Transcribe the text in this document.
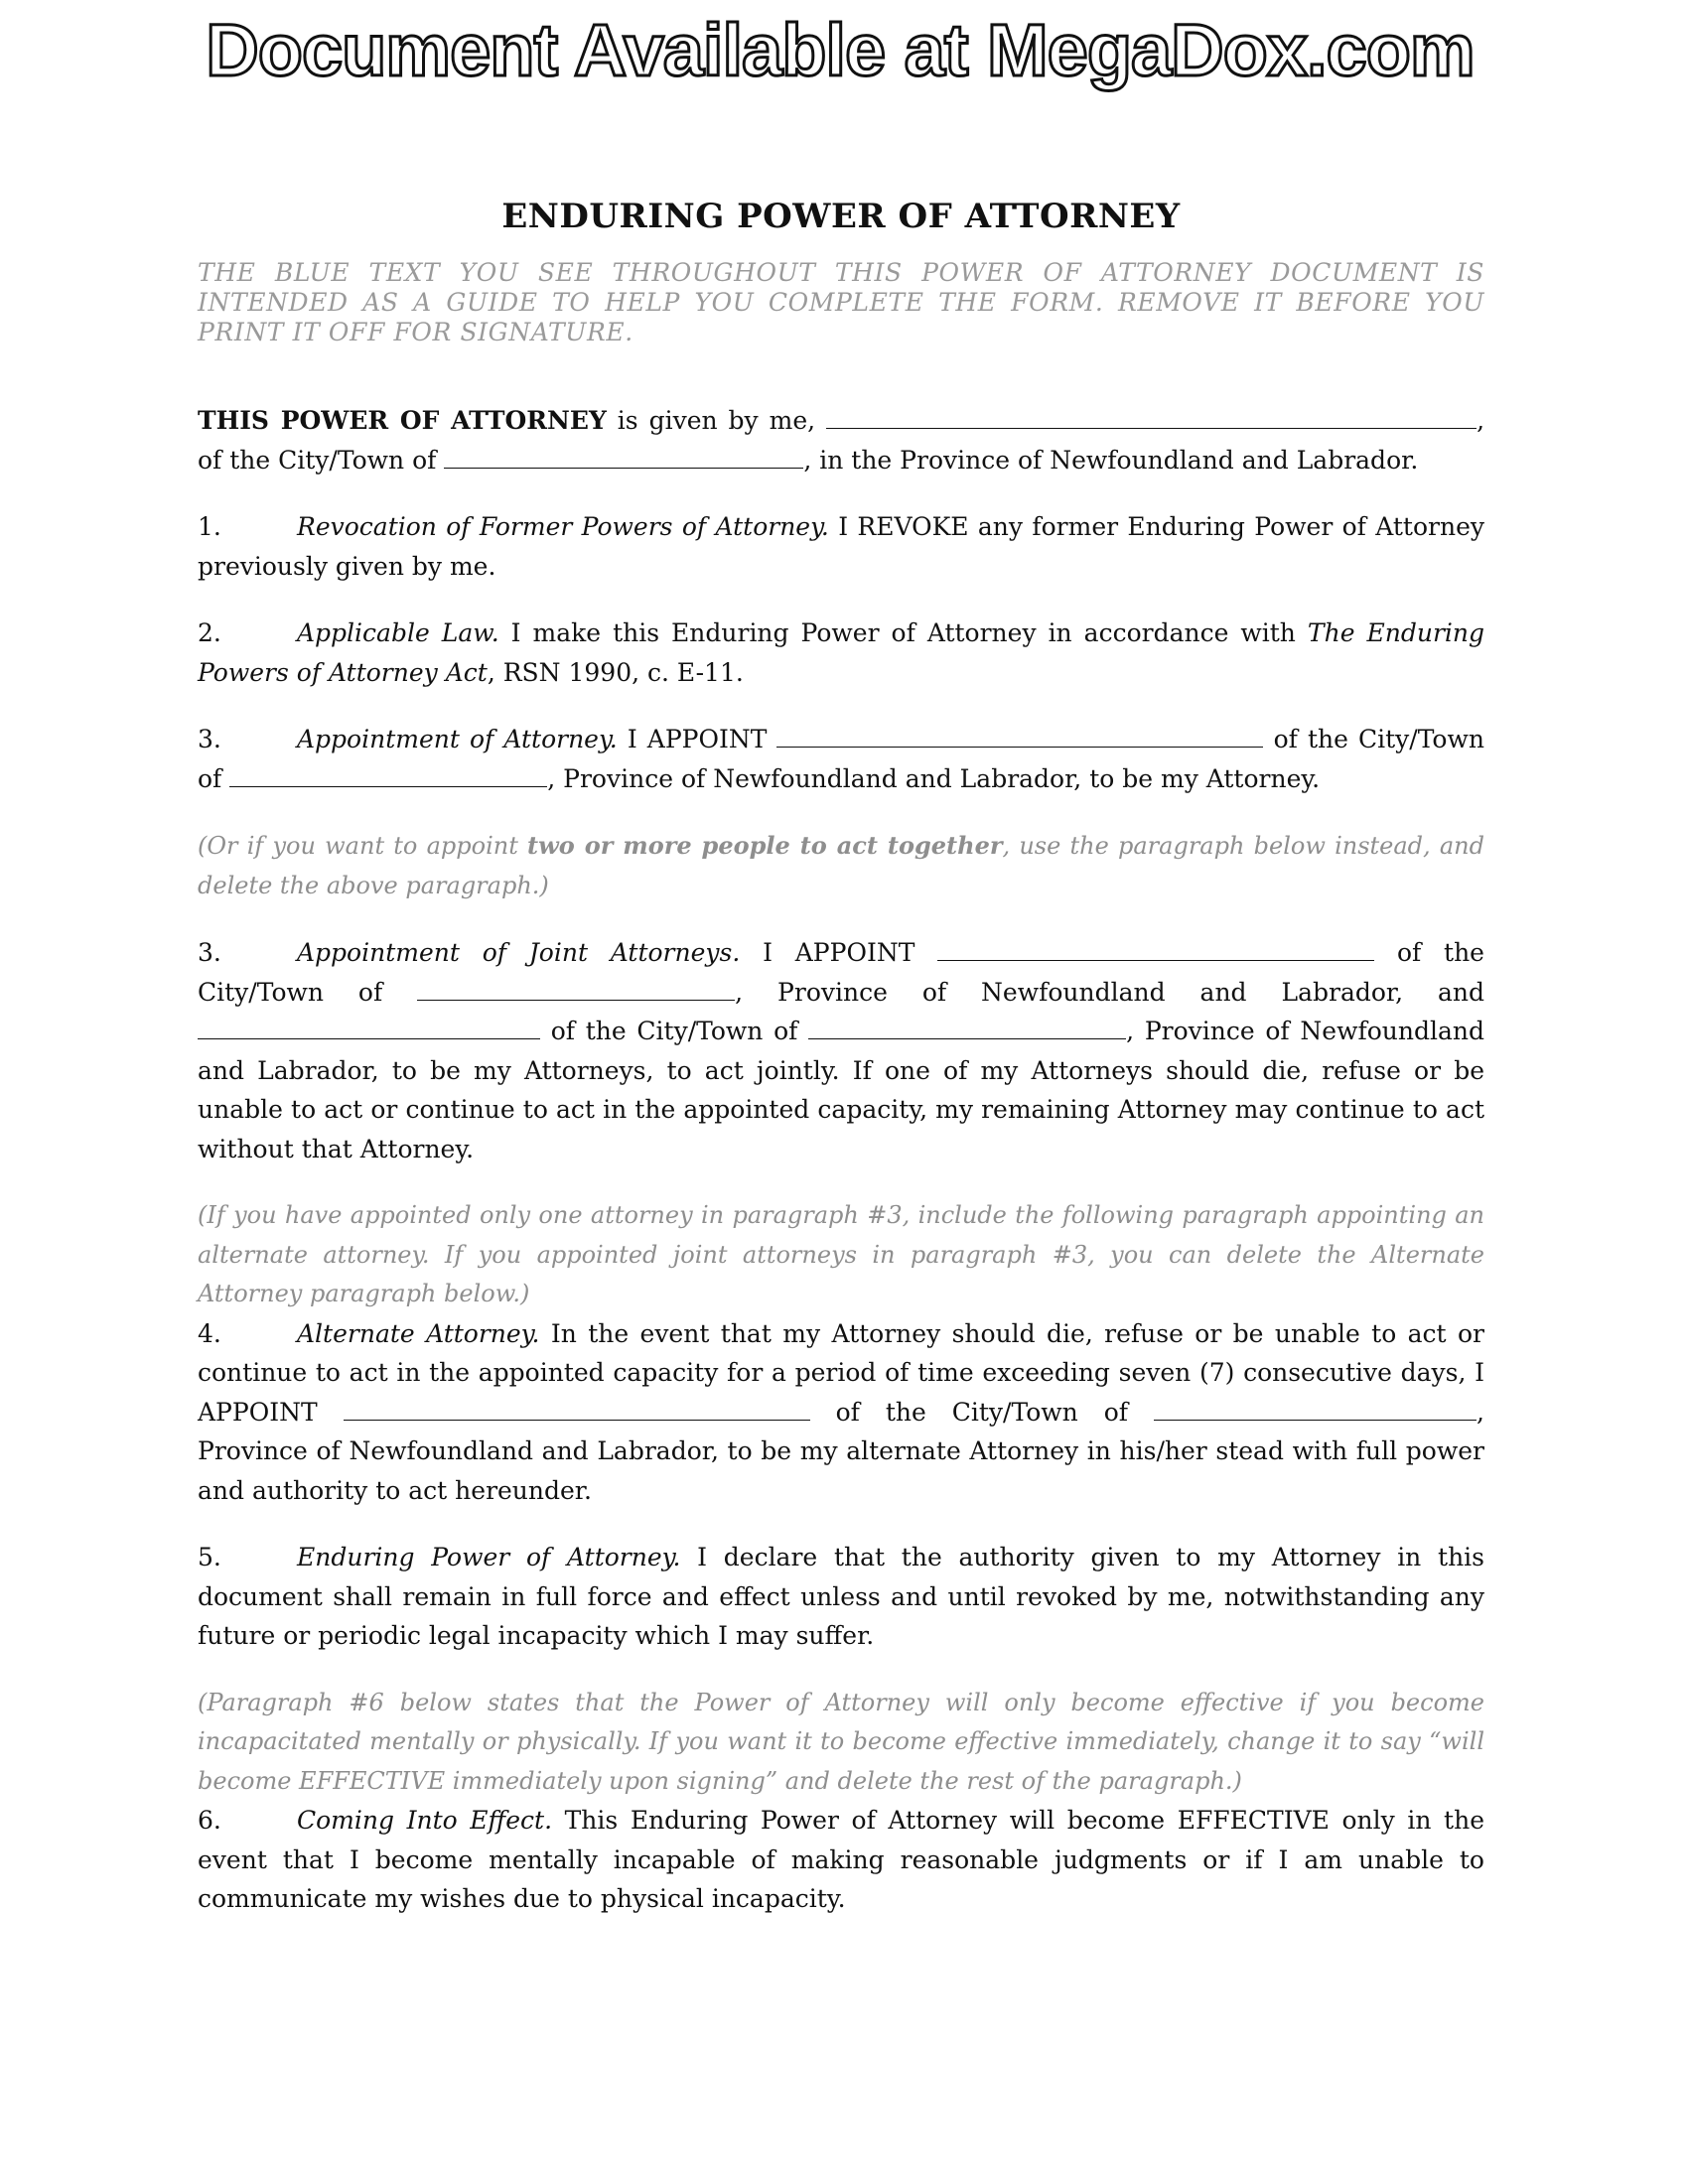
Document Available at MegaDox.com
ENDURING POWER OF ATTORNEY
THE BLUE TEXT YOU SEE THROUGHOUT THIS POWER OF ATTORNEY DOCUMENT IS INTENDED AS A GUIDE TO HELP YOU COMPLETE THE FORM. REMOVE IT BEFORE YOU PRINT IT OFF FOR SIGNATURE.

THIS POWER OF ATTORNEY is given by me,	, of the City/Town of	, in the Province of Newfoundland and Labrador.

1.	Revocation of Former Powers of Attorney. I REVOKE any former Enduring Power of Attorney previously given by me.

2.	Applicable Law. I make this Enduring Power of Attorney in accordance with The Enduring Powers of Attorney Act, RSN 1990, c. E-11.

3.	Appointment of Attorney. I APPOINT	of the City/Town of	, Province of Newfoundland and Labrador, to be my Attorney.

(Or if you want to appoint two or more people to act together, use the paragraph below instead, and delete the above paragraph.)

3.	Appointment of Joint Attorneys. I APPOINT	of the City/Town of	, Province of Newfoundland and Labrador, and  of the City/Town of	, Province of Newfoundland and Labrador, to be my Attorneys, to act jointly. If one of my Attorneys should die, refuse or be unable to act or continue to act in the appointed capacity, my remaining Attorney may continue to act without that Attorney.

(If you have appointed only one attorney in paragraph #3, include the following paragraph appointing an alternate attorney. If you appointed joint attorneys in paragraph #3, you can delete the Alternate Attorney paragraph below.)

4.	Alternate Attorney. In the event that my Attorney should die, refuse or be unable to act or continue to act in the appointed capacity for a period of time exceeding seven (7) consecutive days, I APPOINT	of the City/Town of	, Province of Newfoundland and Labrador, to be my alternate Attorney in his/her stead with full power and authority to act hereunder.

5.	Enduring Power of Attorney. I declare that the authority given to my Attorney in this document shall remain in full force and effect unless and until revoked by me, notwithstanding any future or periodic legal incapacity which I may suffer.

(Paragraph #6 below states that the Power of Attorney will only become effective if you become incapacitated mentally or physically. If you want it to become effective immediately, change it to say “will become EFFECTIVE immediately upon signing” and delete the rest of the paragraph.)

6.	Coming Into Effect. This Enduring Power of Attorney will become EFFECTIVE only in the event that I become mentally incapable of making reasonable judgments or if I am unable to communicate my wishes due to physical incapacity.
